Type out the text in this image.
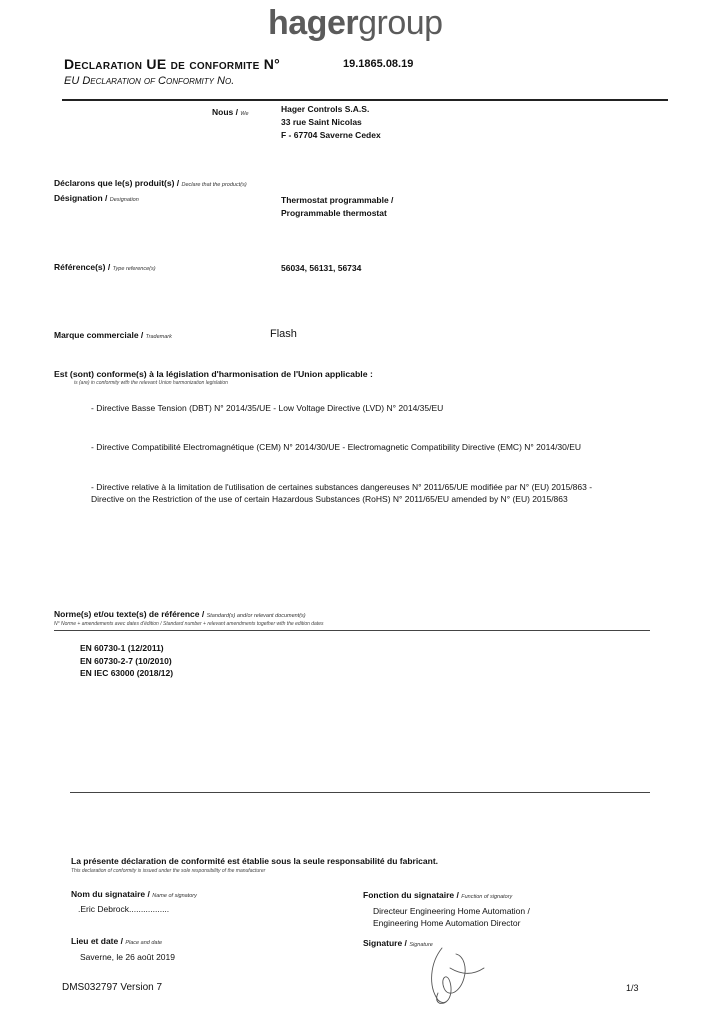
hagergroup
Declaration UE de conformite N°	19.1865.08.19
EU Declaration of Conformity No.
Nous / We	Hager Controls S.A.S.
33 rue Saint Nicolas
F - 67704 Saverne Cedex
Déclarons que le(s) produit(s) / Declare that the product(s)
Désignation / Designation	Thermostat programmable /
Programmable thermostat
Référence(s) / Type reference(s)	56034, 56131, 56734
Marque commerciale / Trademark	Flash
Est (sont) conforme(s) à la législation d'harmonisation de l'Union applicable :
is (are) in conformity with the relevant Union harmonization legislation
- Directive Basse Tension (DBT) N° 2014/35/UE - Low Voltage Directive (LVD) N° 2014/35/EU
- Directive Compatibilité Electromagnétique (CEM) N° 2014/30/UE - Electromagnetic Compatibility Directive (EMC) N° 2014/30/EU
- Directive relative à la limitation de l'utilisation de certaines substances dangereuses N° 2011/65/UE modifiée par N° (EU) 2015/863 -
Directive on the Restriction of the use of certain Hazardous Substances (RoHS) N° 2011/65/EU amended by N° (EU) 2015/863
Norme(s) et/ou texte(s) de référence / Standard(s) and/or relevant document(s)
N° Norme + amendements avec dates d'édition / Standard number + relevant amendments together with the edition dates
EN 60730-1 (12/2011)
EN 60730-2-7 (10/2010)
EN IEC 63000 (2018/12)
La présente déclaration de conformité est établie sous la seule responsabilité du fabricant.
This declaration of conformity is issued under the sole responsibility of the manufacturer
Nom du signataire / Name of signatory
.Eric Debrock.................
Fonction du signataire / Function of signatory
Directeur Engineering Home Automation /
Engineering Home Automation Director
Lieu et date / Place and date
Saverne, le 26 août 2019
Signature / Signature
DMS032797 Version 7	1/3
